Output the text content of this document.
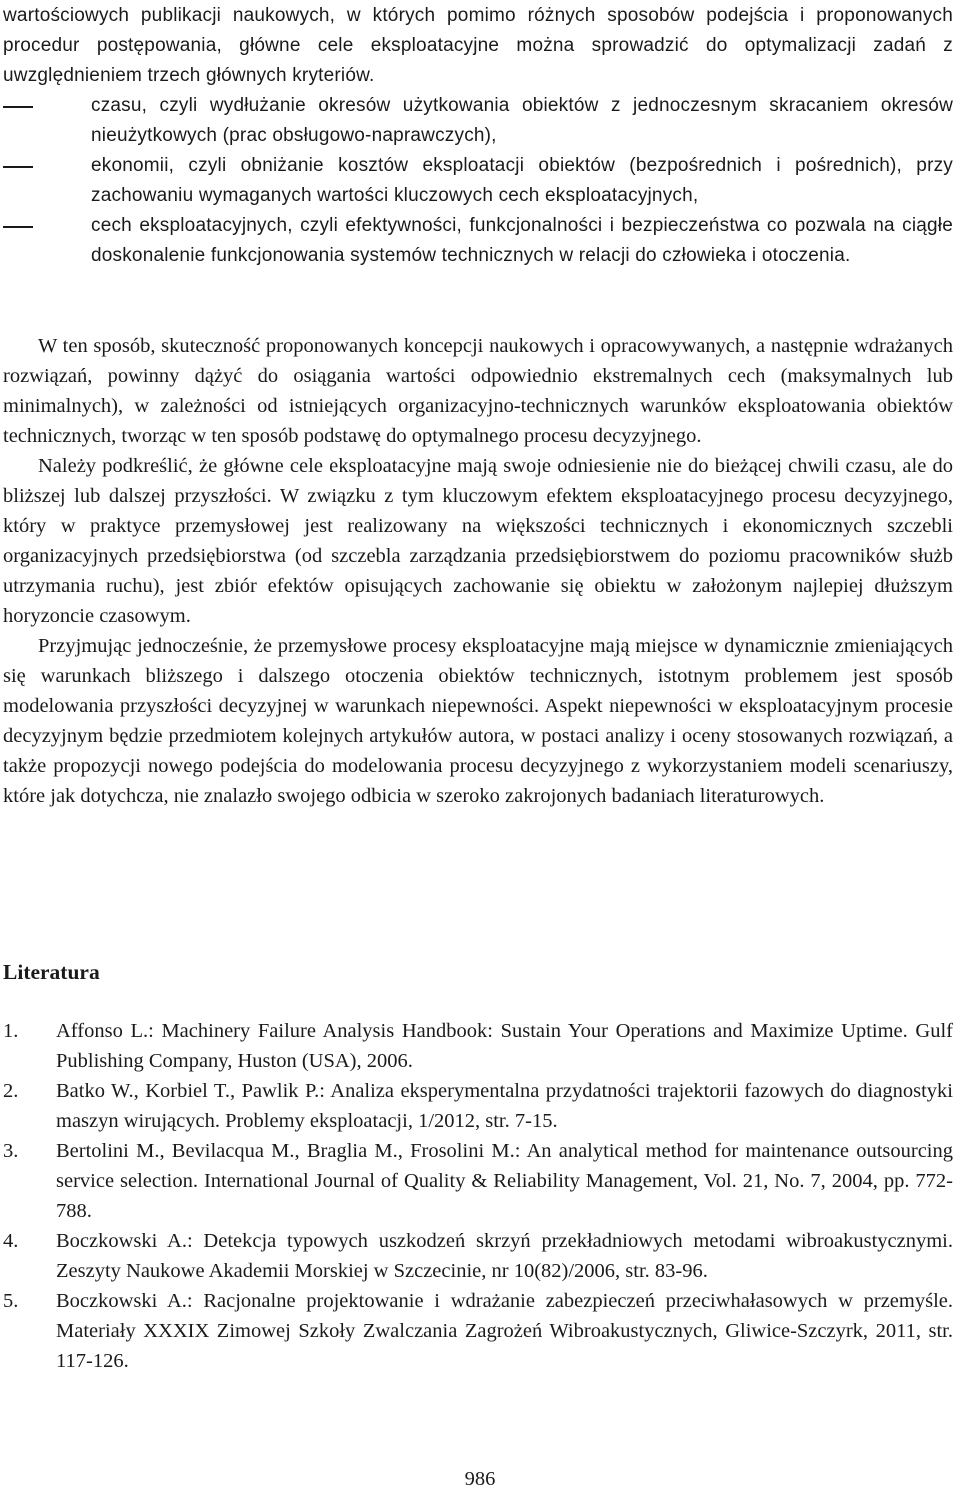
wartościowych publikacji naukowych, w których pomimo różnych sposobów podejścia i proponowanych procedur postępowania, główne cele eksploatacyjne można sprowadzić do optymalizacji zadań z uwzględnieniem trzech głównych kryteriów.

czasu, czyli wydłużanie okresów użytkowania obiektów z jednoczesnym skracaniem okresów nieużytkowych (prac obsługowo-naprawczych),
ekonomii, czyli obniżanie kosztów eksploatacji obiektów (bezpośrednich i pośrednich), przy zachowaniu wymaganych wartości kluczowych cech eksploatacyjnych,
cech eksploatacyjnych, czyli efektywności, funkcjonalności i bezpieczeństwa co pozwala na ciągłe doskonalenie funkcjonowania systemów technicznych w relacji do człowieka i otoczenia.

W ten sposób, skuteczność proponowanych koncepcji naukowych i opracowywanych, a następnie wdrażanych rozwiązań, powinny dążyć do osiągania wartości odpowiednio ekstremalnych cech (maksymalnych lub minimalnych), w zależności od istniejących organizacyjno-technicznych warunków eksploatowania obiektów technicznych, tworząc w ten sposób podstawę do optymalnego procesu decyzyjnego.

Należy podkreślić, że główne cele eksploatacyjne mają swoje odniesienie nie do bieżącej chwili czasu, ale do bliższej lub dalszej przyszłości. W związku z tym kluczowym efektem eksploatacyjnego procesu decyzyjnego, który w praktyce przemysłowej jest realizowany na większości technicznych i ekonomicznych szczebli organizacyjnych przedsiębiorstwa (od szczebla zarządzania przedsiębiorstwem do poziomu pracowników służb utrzymania ruchu), jest zbiór efektów opisujących zachowanie się obiektu w założonym najlepiej dłuższym horyzoncie czasowym.

Przyjmując jednocześnie, że przemysłowe procesy eksploatacyjne mają miejsce w dynamicznie zmieniających się warunkach bliższego i dalszego otoczenia obiektów technicznych, istotnym problemem jest sposób modelowania przyszłości decyzyjnej w warunkach niepewności. Aspekt niepewności w eksploatacyjnym procesie decyzyjnym będzie przedmiotem kolejnych artykułów autora, w postaci analizy i oceny stosowanych rozwiązań, a także propozycji nowego podejścia do modelowania procesu decyzyjnego z wykorzystaniem modeli scenariuszy, które jak dotychcza, nie znalazło swojego odbicia w szeroko zakrojonych badaniach literaturowych.

Literatura
1. Affonso L.: Machinery Failure Analysis Handbook: Sustain Your Operations and Maximize Uptime. Gulf Publishing Company, Huston (USA), 2006.
2. Batko W., Korbiel T., Pawlik P.: Analiza eksperymentalna przydatności trajektorii fazowych do diagnostyki maszyn wirujących. Problemy eksploatacji, 1/2012, str. 7-15.
3. Bertolini M., Bevilacqua M., Braglia M., Frosolini M.: An analytical method for maintenance outsourcing service selection. International Journal of Quality & Reliability Management, Vol. 21, No. 7, 2004, pp. 772-788.
4. Boczkowski A.: Detekcja typowych uszkodzeń skrzyń przekładniowych metodami wibroakustycznymi. Zeszyty Naukowe Akademii Morskiej w Szczecinie, nr 10(82)/2006, str. 83-96.
5. Boczkowski A.: Racjonalne projektowanie i wdrażanie zabezpieczeń przeciwhałasowych w przemyśle. Materiały XXXIX Zimowej Szkoły Zwalczania Zagrożeń Wibroakustycznych, Gliwice-Szczyrk, 2011, str. 117-126.
986
